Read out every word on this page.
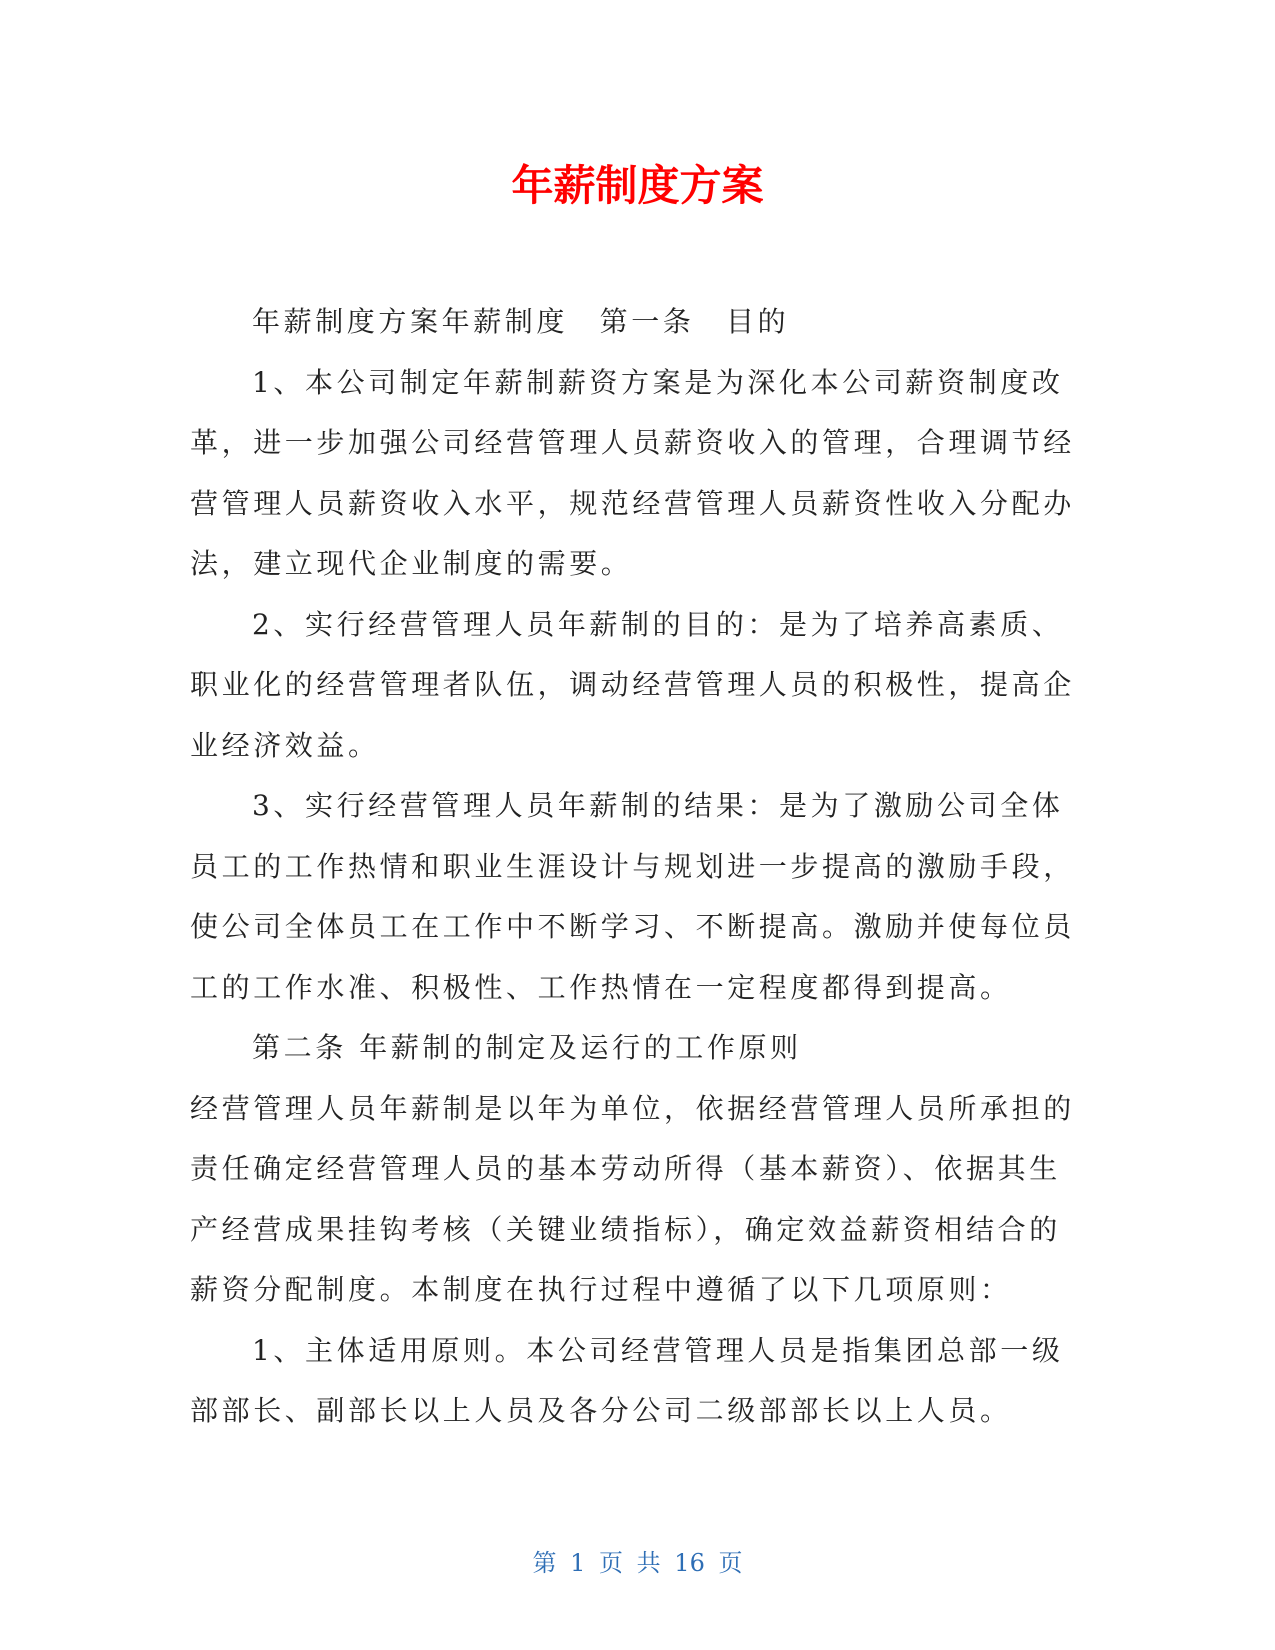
年薪制度方案

年薪制度方案年薪制度　第一条　目的

1、本公司制定年薪制薪资方案是为深化本公司薪资制度改革，进一步加强公司经营管理人员薪资收入的管理，合理调节经营管理人员薪资收入水平，规范经营管理人员薪资性收入分配办法，建立现代企业制度的需要。

2、实行经营管理人员年薪制的目的：是为了培养高素质、职业化的经营管理者队伍，调动经营管理人员的积极性，提高企业经济效益。

3、实行经营管理人员年薪制的结果：是为了激励公司全体员工的工作热情和职业生涯设计与规划进一步提高的激励手段，使公司全体员工在工作中不断学习、不断提高。激励并使每位员工的工作水准、积极性、工作热情在一定程度都得到提高。

第二条 年薪制的制定及运行的工作原则

经营管理人员年薪制是以年为单位，依据经营管理人员所承担的责任确定经营管理人员的基本劳动所得（基本薪资）、依据其生产经营成果挂钩考核（关键业绩指标），确定效益薪资相结合的薪资分配制度。本制度在执行过程中遵循了以下几项原则：

1、主体适用原则。本公司经营管理人员是指集团总部一级部部长、副部长以上人员及各分公司二级部部长以上人员。

第 1 页 共 16 页
